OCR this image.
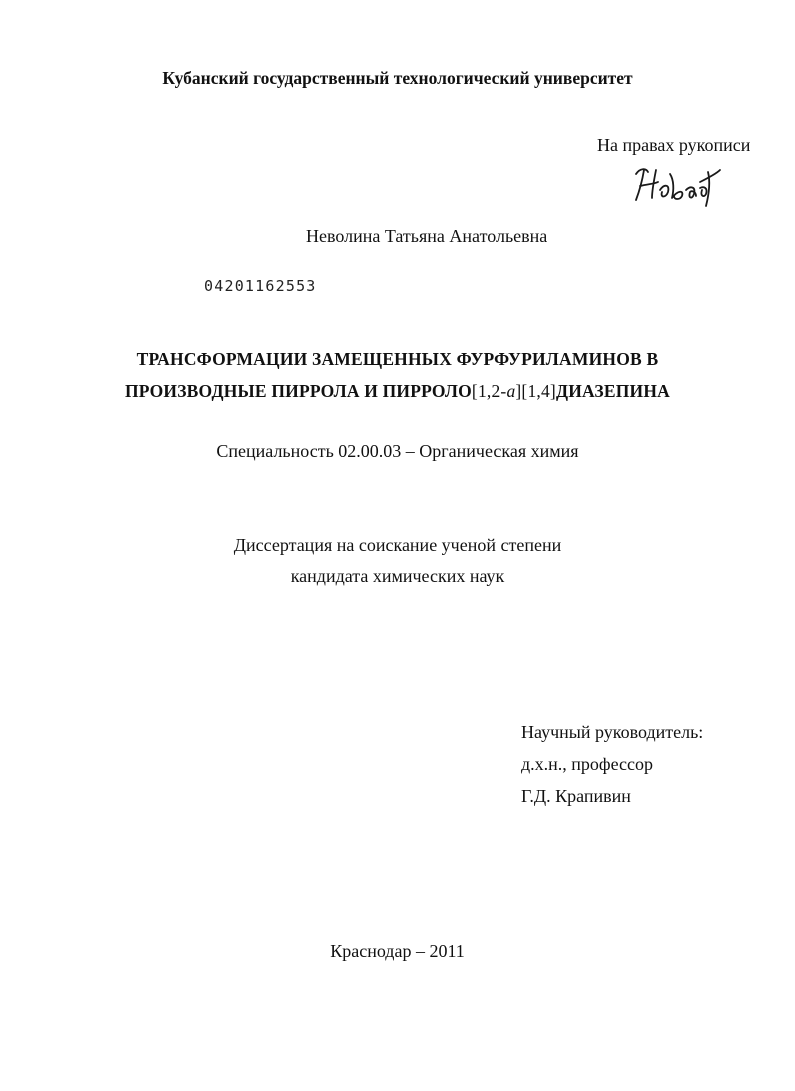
Кубанский государственный технологический университет
На правах рукописи
Неволина Татьяна Анатольевна
04201162553
ТРАНСФОРМАЦИИ ЗАМЕЩЕННЫХ ФУРФУРИЛАМИНОВ В
ПРОИЗВОДНЫЕ ПИРРОЛА И ПИРРОЛО[1,2-a][1,4]ДИАЗЕПИНА
Специальность 02.00.03 – Органическая химия
Диссертация на соискание ученой степени
кандидата химических наук
Научный руководитель:
д.х.н., профессор
Г.Д. Крапивин
Краснодар – 2011
